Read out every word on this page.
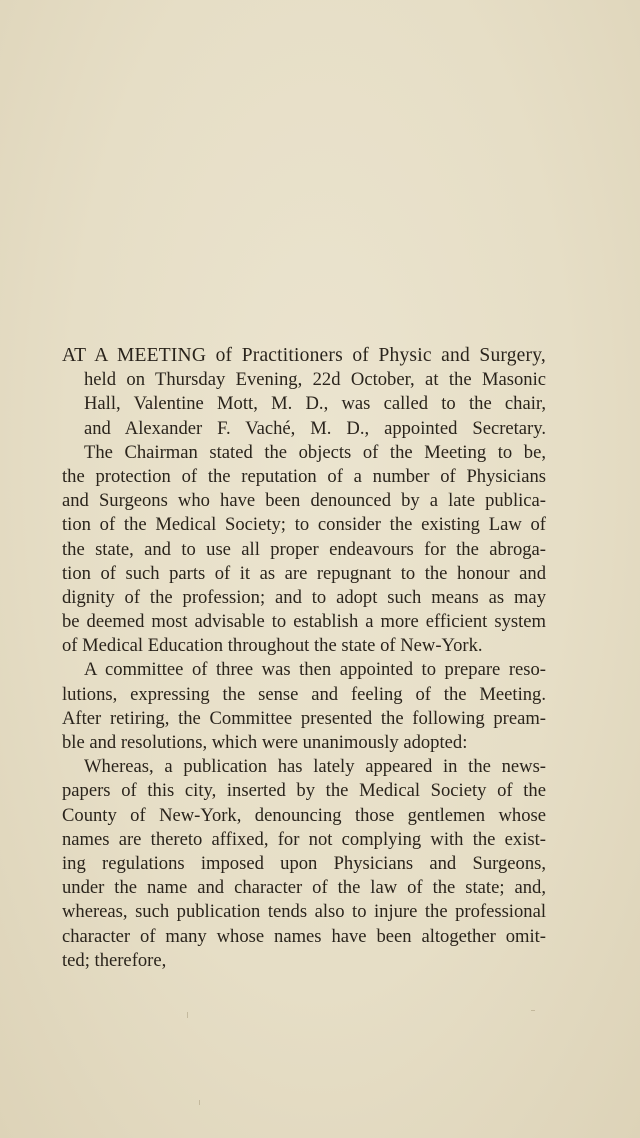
AT A MEETING of Practitioners of Physic and Surgery,
held on Thursday Evening, 22d October, at the Masonic
Hall, Valentine Mott, M. D., was called to the chair,
and Alexander F. Vaché, M. D., appointed Secretary.
The Chairman stated the objects of the Meeting to be,
the protection of the reputation of a number of Physicians
and Surgeons who have been denounced by a late publica-
tion of the Medical Society; to consider the existing Law of
the state, and to use all proper endeavours for the abroga-
tion of such parts of it as are repugnant to the honour and
dignity of the profession; and to adopt such means as may
be deemed most advisable to establish a more efficient system
of Medical Education throughout the state of New-York.
A committee of three was then appointed to prepare reso-
lutions, expressing the sense and feeling of the Meeting.
After retiring, the Committee presented the following pream-
ble and resolutions, which were unanimously adopted:
Whereas, a publication has lately appeared in the news-
papers of this city, inserted by the Medical Society of the
County of New-York, denouncing those gentlemen whose
names are thereto affixed, for not complying with the exist-
ing regulations imposed upon Physicians and Surgeons,
under the name and character of the law of the state; and,
whereas, such publication tends also to injure the professional
character of many whose names have been altogether omit-
ted; therefore,
